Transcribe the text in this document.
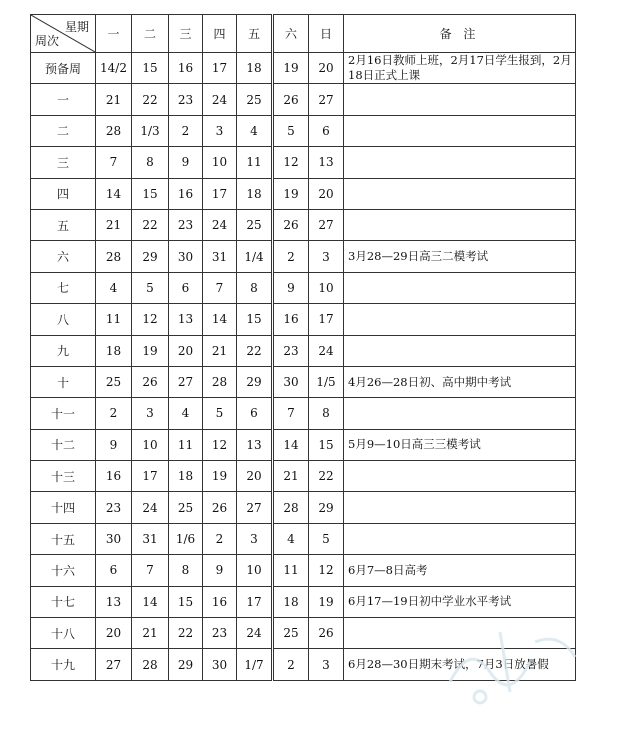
星期
周次	一	二	三	四	五	六	日	备 注
预备周	14/2	15	16	17	18	19	20	2月16日教师上班，2月17日学生报到，2月18日正式上课
一	21	22	23	24	25	26	27	
二	28	1/3	2	3	4	5	6	
三	7	8	9	10	11	12	13	
四	14	15	16	17	18	19	20	
五	21	22	23	24	25	26	27	
六	28	29	30	31	1/4	2	3	3月28—29日高三二模考试
七	4	5	6	7	8	9	10	
八	11	12	13	14	15	16	17	
九	18	19	20	21	22	23	24	
十	25	26	27	28	29	30	1/5	4月26—28日初、高中期中考试
十一	2	3	4	5	6	7	8	
十二	9	10	11	12	13	14	15	5月9—10日高三三模考试
十三	16	17	18	19	20	21	22	
十四	23	24	25	26	27	28	29	
十五	30	31	1/6	2	3	4	5	
十六	6	7	8	9	10	11	12	6月7—8日高考
十七	13	14	15	16	17	18	19	6月17—19日初中学业水平考试
十八	20	21	22	23	24	25	26	
十九	27	28	29	30	1/7	2	3	6月28—30日期末考试，7月3日放暑假
